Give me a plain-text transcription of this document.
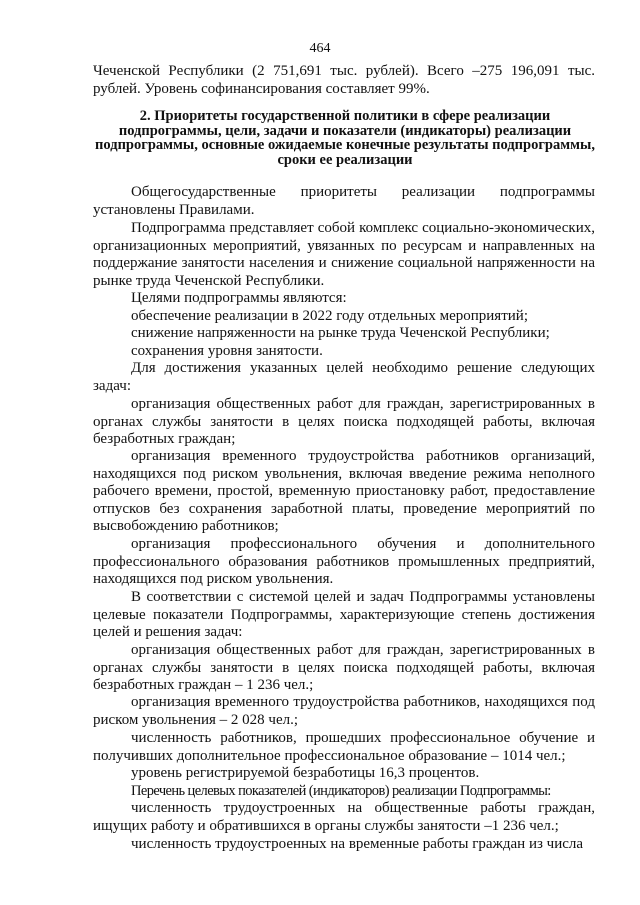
464

Чеченской Республики (2 751,691 тыс. рублей). Всего –275 196,091 тыс. рублей. Уровень софинансирования составляет 99%.

2. Приоритеты государственной политики в сфере реализации подпрограммы, цели, задачи и показатели (индикаторы) реализации подпрограммы, основные ожидаемые конечные результаты подпрограммы, сроки ее реализации

Общегосударственные приоритеты реализации подпрограммы установлены Правилами.

Подпрограмма представляет собой комплекс социально-экономических, организационных мероприятий, увязанных по ресурсам и направленных на поддержание занятости населения и снижение социальной напряженности на рынке труда Чеченской Республики.

Целями подпрограммы являются:

обеспечение реализации в 2022 году отдельных мероприятий;

снижение напряженности на рынке труда Чеченской Республики;

сохранения уровня занятости.

Для достижения указанных целей необходимо решение следующих задач:

организация общественных работ для граждан, зарегистрированных в органах службы занятости в целях поиска подходящей работы, включая безработных граждан;

организация временного трудоустройства работников организаций, находящихся под риском увольнения, включая введение режима неполного рабочего времени, простой, временную приостановку работ, предоставление отпусков без сохранения заработной платы, проведение мероприятий по высвобождению работников;

организация профессионального обучения и дополнительного профессионального образования работников промышленных предприятий, находящихся под риском увольнения.

В соответствии с системой целей и задач Подпрограммы установлены целевые показатели Подпрограммы, характеризующие степень достижения целей и решения задач:

организация общественных работ для граждан, зарегистрированных в органах службы занятости в целях поиска подходящей работы, включая безработных граждан – 1 236 чел.;

организация временного трудоустройства работников, находящихся под риском увольнения – 2 028 чел.;

численность работников, прошедших профессиональное обучение и получивших дополнительное профессиональное образование – 1014 чел.;

уровень регистрируемой безработицы 16,3 процентов.

Перечень целевых показателей (индикаторов) реализации Подпрограммы:

численность трудоустроенных на общественные работы граждан, ищущих работу и обратившихся в органы службы занятости –1 236 чел.;

численность трудоустроенных на временные работы граждан из числа
